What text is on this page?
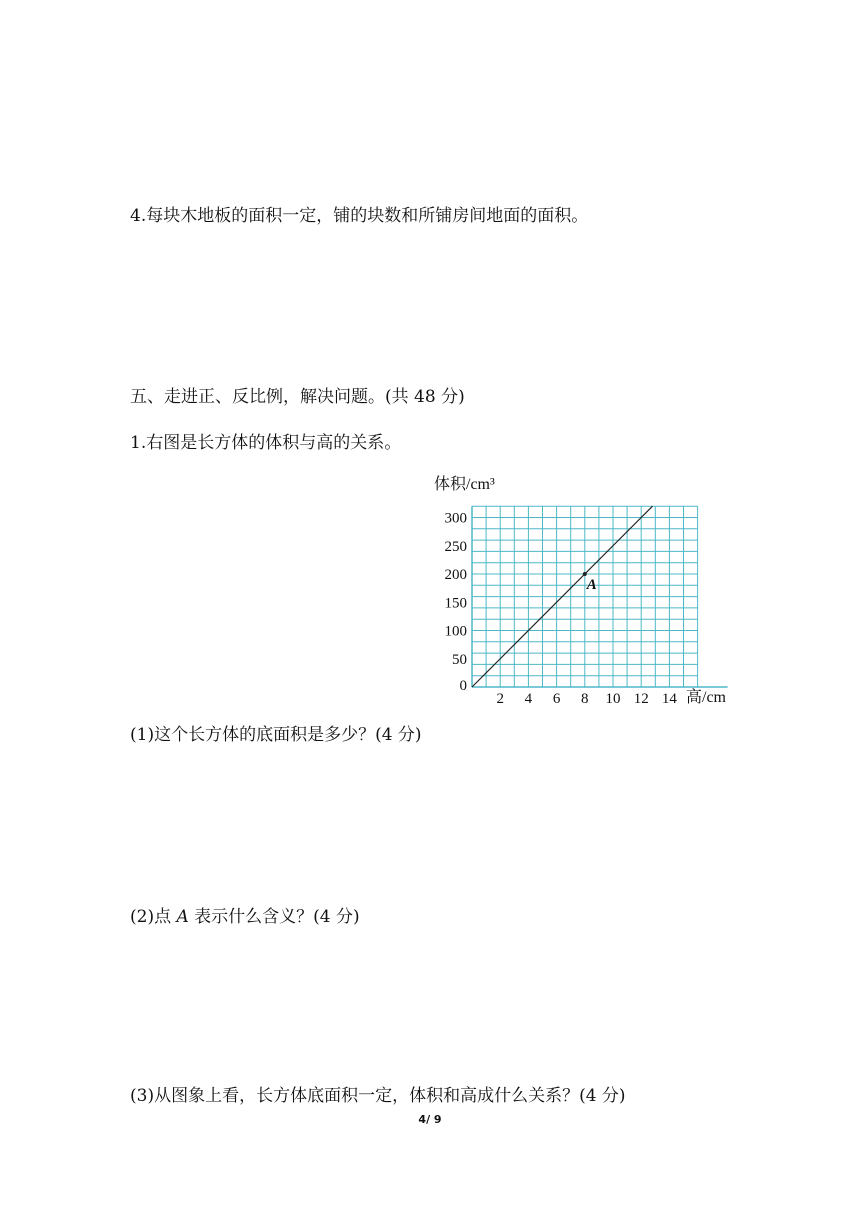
4.每块木地板的面积一定，铺的块数和所铺房间地面的面积。

五、走进正、反比例，解决问题。(共 48 分)

1.右图是长方体的体积与高的关系。

A
2 4 6 8 10 12 14
0
50
100
150
200
250
300
体积/cm³
高/cm

(1)这个长方体的底面积是多少？(4 分)

(2)点 A 表示什么含义？(4 分)

(3)从图象上看，长方体底面积一定，体积和高成什么关系？(4 分)

4/ 9
